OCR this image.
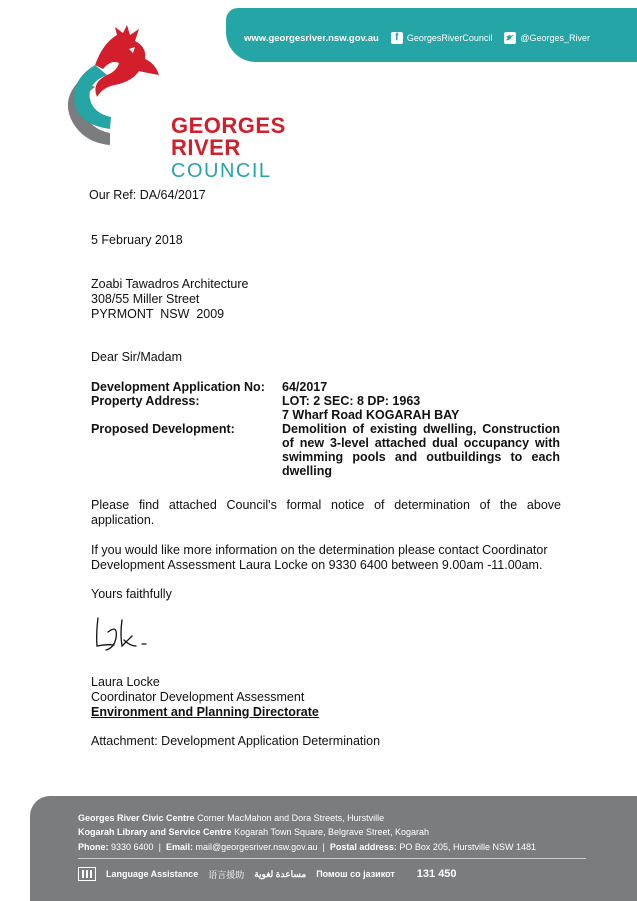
www.georgesriver.nsw.gov.au	f GeorgesRiverCouncil	@Georges_River
GEORGES
RIVER
COUNCIL
Our Ref: DA/64/2017
5 February 2018
Zoabi Tawadros Architecture
308/55 Miller Street
PYRMONT  NSW  2009
Dear Sir/Madam
Development Application No:	64/2017
Property Address:	LOT: 2 SEC: 8 DP: 1963
7 Wharf Road KOGARAH BAY
Proposed Development:	Demolition of existing dwelling, Construction of new 3-level attached dual occupancy with swimming pools and outbuildings to each dwelling
Please find attached Council's formal notice of determination of the above application.
If you would like more information on the determination please contact Coordinator
Development Assessment Laura Locke on 9330 6400 between 9.00am -11.00am.
Yours faithfully
Laura Locke
Coordinator Development Assessment
Environment and Planning Directorate
Attachment: Development Application Determination
Georges River Civic Centre Corner MacMahon and Dora Streets, Hurstville
Kogarah Library and Service Centre Kogarah Town Square, Belgrave Street, Kogarah
Phone: 9330 6400  |  Email: mail@georgesriver.nsw.gov.au  |  Postal address: PO Box 205, Hurstville NSW 1481
Language Assistance 语言援助 مساعدة لغوية Помош со јазикот 131 450
